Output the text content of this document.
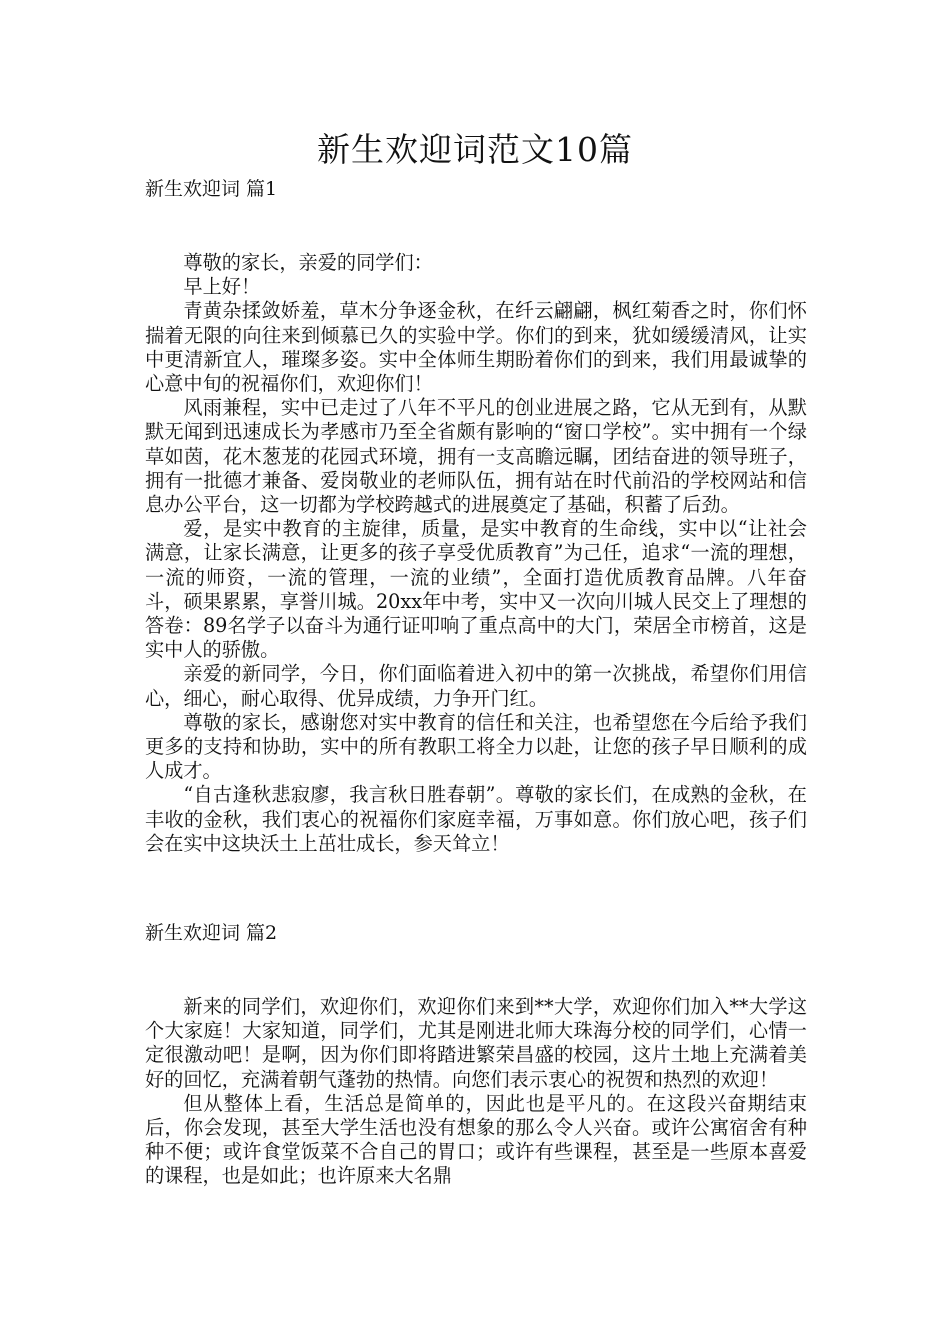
新生欢迎词范文10篇
新生欢迎词 篇1

尊敬的家长，亲爱的同学们：

早上好！

青黄杂揉敛娇羞，草木分争逐金秋，在纤云翩翩，枫红菊香之时，你们怀揣着无限的向往来到倾慕已久的实验中学。你们的到来，犹如缓缓清风，让实中更清新宜人，璀璨多姿。实中全体师生期盼着你们的到来，我们用最诚挚的心意中旬的祝福你们，欢迎你们！

风雨兼程，实中已走过了八年不平凡的创业进展之路，它从无到有，从默默无闻到迅速成长为孝感市乃至全省颇有影响的“窗口学校”。实中拥有一个绿草如茵，花木葱茏的花园式环境，拥有一支高瞻远瞩，团结奋进的领导班子，拥有一批德才兼备、爱岗敬业的老师队伍，拥有站在时代前沿的学校网站和信息办公平台，这一切都为学校跨越式的进展奠定了基础，积蓄了后劲。

爱，是实中教育的主旋律，质量，是实中教育的生命线，实中以“让社会满意，让家长满意，让更多的孩子享受优质教育”为己任，追求“一流的理想，一流的师资，一流的管理，一流的业绩”，全面打造优质教育品牌。八年奋斗，硕果累累，享誉川城。20xx年中考，实中又一次向川城人民交上了理想的答卷：89名学子以奋斗为通行证叩响了重点高中的大门，荣居全市榜首，这是实中人的骄傲。

亲爱的新同学，今日，你们面临着进入初中的第一次挑战，希望你们用信心，细心，耐心取得、优异成绩，力争开门红。

尊敬的家长，感谢您对实中教育的信任和关注，也希望您在今后给予我们更多的支持和协助，实中的所有教职工将全力以赴，让您的孩子早日顺利的成人成才。

“自古逢秋悲寂廖，我言秋日胜春朝”。尊敬的家长们，在成熟的金秋，在丰收的金秋，我们衷心的祝福你们家庭幸福，万事如意。你们放心吧，孩子们会在实中这块沃土上茁壮成长，参天耸立！

新生欢迎词 篇2

新来的同学们，欢迎你们，欢迎你们来到**大学，欢迎你们加入**大学这个大家庭！大家知道，同学们，尤其是刚进北师大珠海分校的同学们，心情一定很激动吧！是啊，因为你们即将踏进繁荣昌盛的校园，这片土地上充满着美好的回忆，充满着朝气蓬勃的热情。向您们表示衷心的祝贺和热烈的欢迎！

但从整体上看，生活总是简单的，因此也是平凡的。在这段兴奋期结束后，你会发现，甚至大学生活也没有想象的那么令人兴奋。或许公寓宿舍有种种不便；或许食堂饭菜不合自己的胃口；或许有些课程，甚至是一些原本喜爱的课程，也是如此；也许原来大名鼎
